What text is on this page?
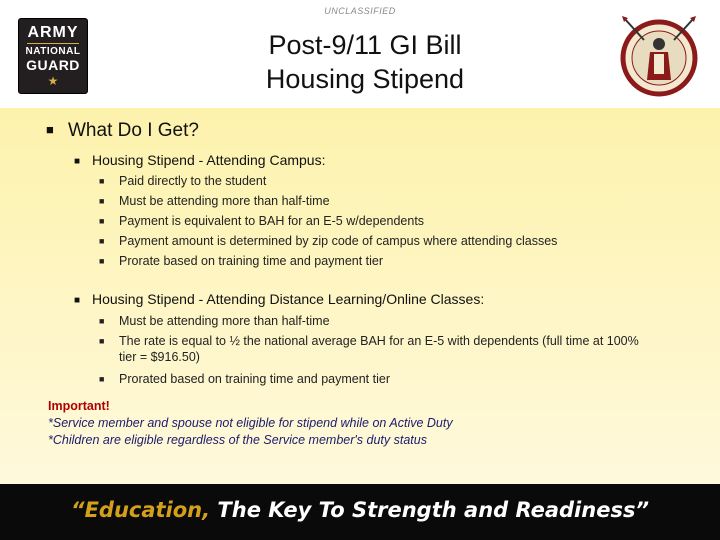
UNCLASSIFIED
ARMY
NATIONAL
GUARD
★
Post-9/11 GI Bill
Housing Stipend
■ What Do I Get?
■ Housing Stipend - Attending Campus:
■ Paid directly to the student
■ Must be attending more than half-time
■ Payment is equivalent to BAH for an E-5 w/dependents
■ Payment amount is determined by zip code of campus where attending classes
■ Prorate based on training time and payment tier
■ Housing Stipend - Attending Distance Learning/Online Classes:
■ Must be attending more than half-time
■ The rate is equal to ½ the national average BAH for an E-5 with dependents (full time at 100% tier = $916.50)
■ Prorated based on training time and payment tier
Important!
*Service member and spouse not eligible for stipend while on Active Duty
*Children are eligible regardless of the Service member's duty status
“Education, The Key To Strength and Readiness”
